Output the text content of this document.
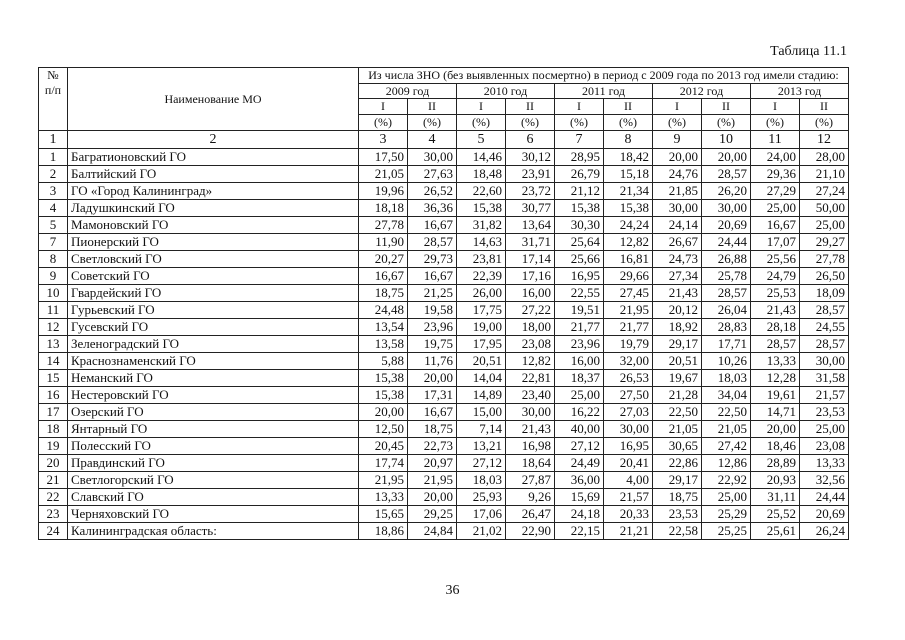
Таблица 11.1
№
п/п	Наименование МО	Из числа ЗНО (без выявленных посмертно) в период с 2009 года по 2013 год имели стадию:									
		2009 год		2010 год		2011 год		2012 год		2013 год	
		I	II	I	II	I	II	I	II	I	II
		(%)	(%)	(%)	(%)	(%)	(%)	(%)	(%)	(%)	(%)
1	2	3	4	5	6	7	8	9	10	11	12
1	Багратионовский ГО	17,50	30,00	14,46	30,12	28,95	18,42	20,00	20,00	24,00	28,00
2	Балтийский ГО	21,05	27,63	18,48	23,91	26,79	15,18	24,76	28,57	29,36	21,10
3	ГО «Город Калининград»	19,96	26,52	22,60	23,72	21,12	21,34	21,85	26,20	27,29	27,24
4	Ладушкинский ГО	18,18	36,36	15,38	30,77	15,38	15,38	30,00	30,00	25,00	50,00
5	Мамоновский ГО	27,78	16,67	31,82	13,64	30,30	24,24	24,14	20,69	16,67	25,00
7	Пионерский ГО	11,90	28,57	14,63	31,71	25,64	12,82	26,67	24,44	17,07	29,27
8	Светловский ГО	20,27	29,73	23,81	17,14	25,66	16,81	24,73	26,88	25,56	27,78
9	Советский ГО	16,67	16,67	22,39	17,16	16,95	29,66	27,34	25,78	24,79	26,50
10	Гвардейский ГО	18,75	21,25	26,00	16,00	22,55	27,45	21,43	28,57	25,53	18,09
11	Гурьевский ГО	24,48	19,58	17,75	27,22	19,51	21,95	20,12	26,04	21,43	28,57
12	Гусевский ГО	13,54	23,96	19,00	18,00	21,77	21,77	18,92	28,83	28,18	24,55
13	Зеленоградский ГО	13,58	19,75	17,95	23,08	23,96	19,79	29,17	17,71	28,57	28,57
14	Краснознаменский ГО	5,88	11,76	20,51	12,82	16,00	32,00	20,51	10,26	13,33	30,00
15	Неманский ГО	15,38	20,00	14,04	22,81	18,37	26,53	19,67	18,03	12,28	31,58
16	Нестеровский ГО	15,38	17,31	14,89	23,40	25,00	27,50	21,28	34,04	19,61	21,57
17	Озерский ГО	20,00	16,67	15,00	30,00	16,22	27,03	22,50	22,50	14,71	23,53
18	Янтарный ГО	12,50	18,75	7,14	21,43	40,00	30,00	21,05	21,05	20,00	25,00
19	Полесский ГО	20,45	22,73	13,21	16,98	27,12	16,95	30,65	27,42	18,46	23,08
20	Правдинский ГО	17,74	20,97	27,12	18,64	24,49	20,41	22,86	12,86	28,89	13,33
21	Светлогорский ГО	21,95	21,95	18,03	27,87	36,00	4,00	29,17	22,92	20,93	32,56
22	Славский ГО	13,33	20,00	25,93	9,26	15,69	21,57	18,75	25,00	31,11	24,44
23	Черняховский ГО	15,65	29,25	17,06	26,47	24,18	20,33	23,53	25,29	25,52	20,69
24	Калининградская область:	18,86	24,84	21,02	22,90	22,15	21,21	22,58	25,25	25,61	26,24
36
